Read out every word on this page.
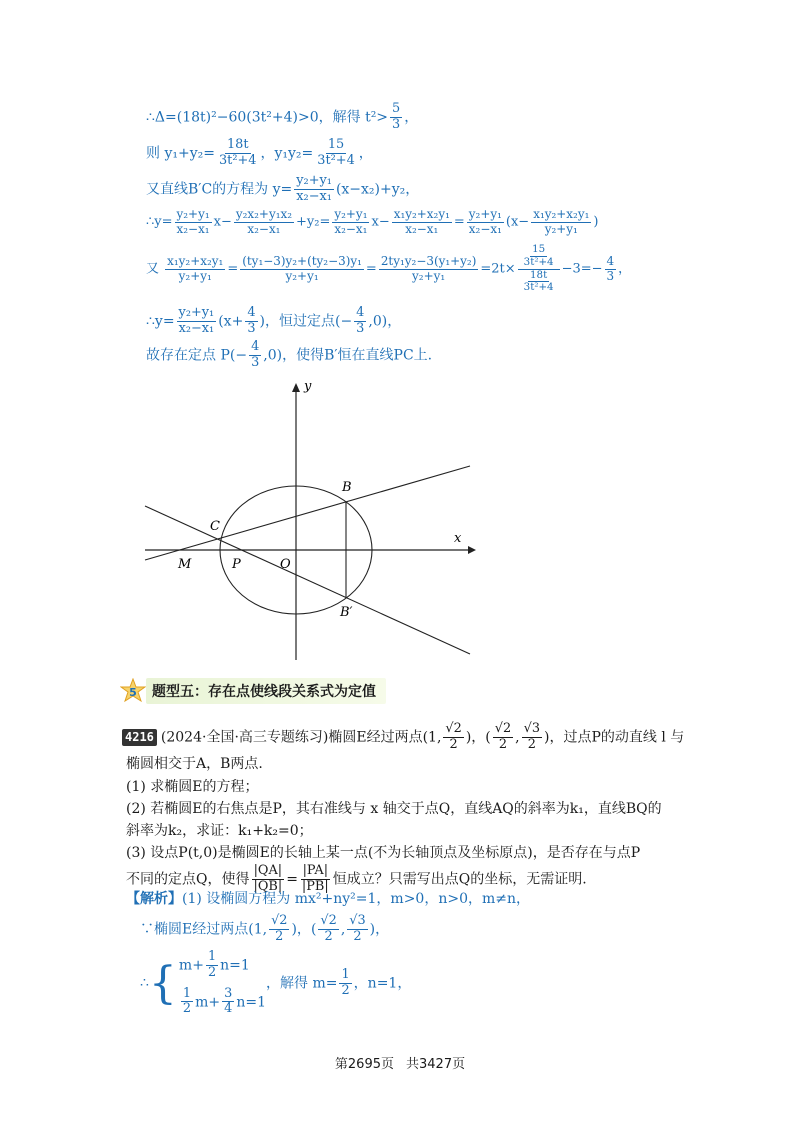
∴Δ=(18t)²−60(3t²+4)>0，解得 $t^2> \frac{5}{3}$ ，
则 $y_1+y_2= \frac{18t}{\text{3t²+4}}$ ，$y_1y_2= \frac{15}{\text{3t²+4}}$ ，
又直线B′C的方程为 $y= \frac{\text{y₂+y₁}}{\text{x₂−x₁}} (x-x_2)+y_2$，
∴y= $\frac{\text{y₂+y₁}}{\text{x₂−x₁}} x- \frac{\text{y₂x₂+y₁x₂}}{\text{x₂−x₁}} +y_2= \frac{\text{y₂+y₁}}{\text{x₂−x₁}} x- \frac{\text{x₁y₂+x₂y₁}}{\text{x₂−x₁}} = \frac{\text{y₂+y₁}}{\text{x₂−x₁}} (x- \frac{\text{x₁y₂+x₂y₁}}{\text{y₂+y₁}}$ )
又 $\frac{\text{x₁y₂+x₂y₁}}{\text{y₂+y₁}} = \frac{\text{(ty₁−3)y₂+(ty₂−3)y₁}}{\text{y₂+y₁}} = \frac{\text{2ty₁y₂−3(y₁+y₂)}}{\text{y₂+y₁}} =2t\times \frac{\frac{15}{\text{3t²+4}}}{\frac{18t}{\text{3t²+4}}} -3=- \frac{4}{3}$ ，
∴y= $\frac{\text{y₂+y₁}}{\text{x₂−x₁}} (x+ \frac{4}{3}$ )，恒过定点(− $\frac{4}{3} ,0$)，
故存在定点 $P(- \frac{4}{3} ,0)$，使得B′恒在直线PC上.
y
x
B
C
M	P	O
B′
5	题型五：存在点使线段关系式为定值
4216 (2024·全国·高三专题练习)椭圆E经过两点(1, $\frac{√2}{2}$ )，( $\frac{√2}{2}$ , $\frac{√3}{2}$ )，过点P的动直线 l 与
椭圆相交于A，B两点.
(1) 求椭圆E的方程；
(2) 若椭圆E的右焦点是P，其右准线与 x 轴交于点Q，直线AQ的斜率为k₁，直线BQ的
斜率为k₂，求证：k₁+k₂=0；
(3) 设点P(t,0)是椭圆E的长轴上某一点(不为长轴顶点及坐标原点)，是否存在与点P
不同的定点Q，使得 $\frac{|QA|}{|QB|} = \frac{|PA|}{|PB|}$ 恒成立？只需写出点Q的坐标，无需证明.
【解析】(1) 设椭圆方程为 mx²+ny²=1，m>0，n>0，m≠n，
∵椭圆E经过两点(1, $\frac{√2}{2}$ )，( $\frac{√2}{2}$ , $\frac{√3}{2}$ )，
∴ { $m+ \frac{1}{2} n=1$
$\frac{1}{2} m+ \frac{3}{4} n=1$
，解得 $m= \frac{1}{2}$ ，n=1，
第2695页 共3427页
